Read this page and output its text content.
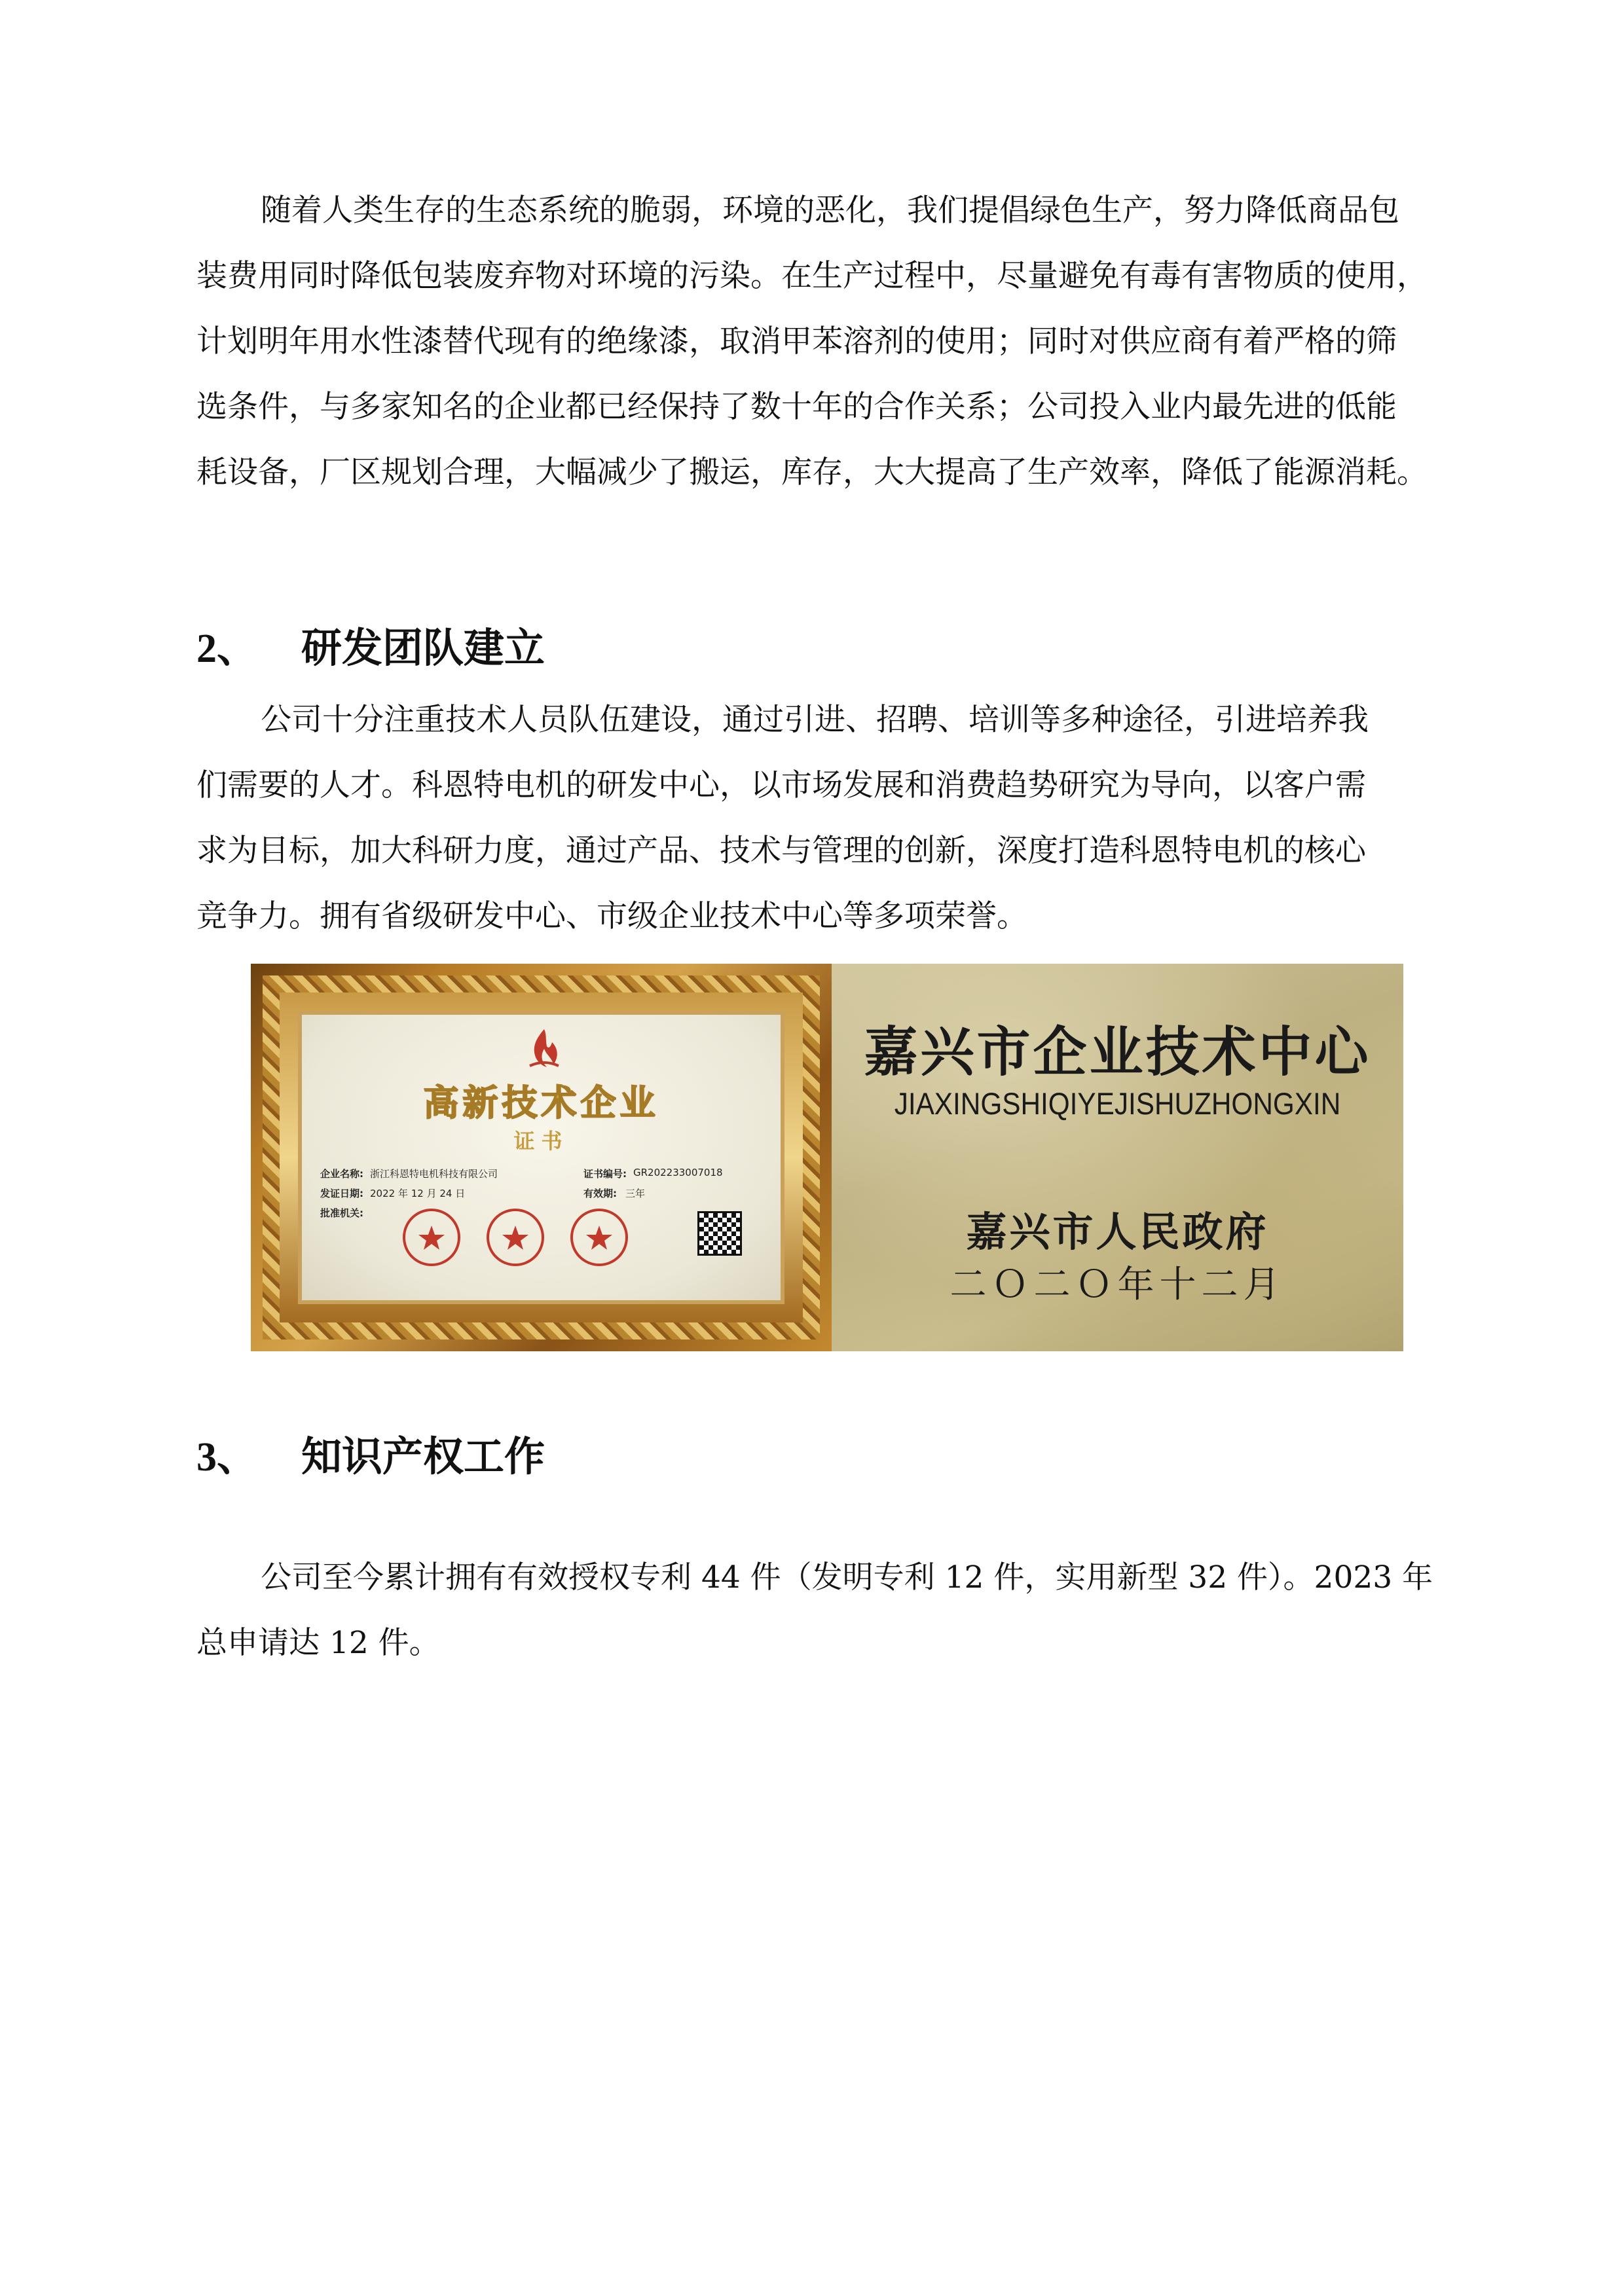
随着人类生存的生态系统的脆弱，环境的恶化，我们提倡绿色生产，努力降低商品包
装费用同时降低包装废弃物对环境的污染。在生产过程中，尽量避免有毒有害物质的使用，
计划明年用水性漆替代现有的绝缘漆，取消甲苯溶剂的使用；同时对供应商有着严格的筛
选条件，与多家知名的企业都已经保持了数十年的合作关系；公司投入业内最先进的低能
耗设备，厂区规划合理，大幅减少了搬运，库存，大大提高了生产效率，降低了能源消耗。

2、 研发团队建立

公司十分注重技术人员队伍建设，通过引进、招聘、培训等多种途径，引进培养我
们需要的人才。科恩特电机的研发中心，以市场发展和消费趋势研究为导向，以客户需
求为目标，加大科研力度，通过产品、技术与管理的创新，深度打造科恩特电机的核心
竞争力。拥有省级研发中心、市级企业技术中心等多项荣誉。

高新技术企业

证书

企业名称: 浙江科恩特电机科技有限公司	证书编号: GR202233007018

发证日期: 2022 年 12 月 24 日	有效期: 三年

批准机关:

嘉兴市企业技术中心

JIAXINGSHIQIYEJISHUZHONGXIN

嘉兴市人民政府

二Ｏ二Ｏ年十二月

3、 知识产权工作

公司至今累计拥有有效授权专利 44 件（发明专利 12 件，实用新型 32 件）。2023 年
总申请达 12 件。
